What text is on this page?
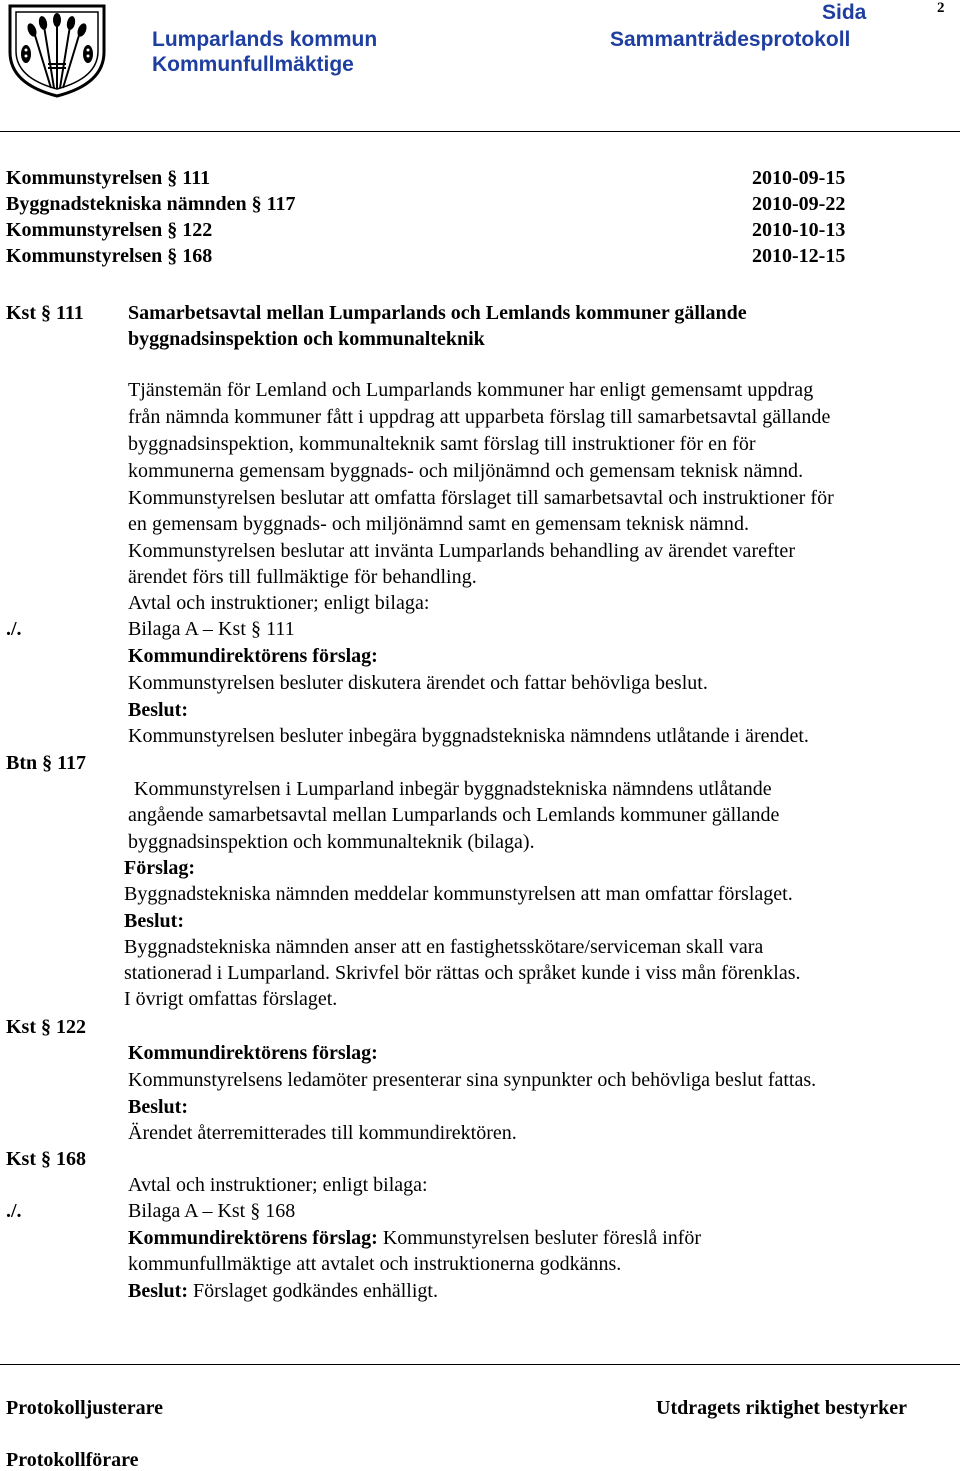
Lumparlands kommun
Kommunfullmäktige
Sammanträdesprotokoll
Sida	2
Kommunstyrelsen § 111	2010-09-15
Byggnadstekniska nämnden § 117	2010-09-22
Kommunstyrelsen § 122	2010-10-13
Kommunstyrelsen § 168	2010-12-15
Kst § 111
./.
Btn § 117
Kst § 122
Kst § 168
./.
Samarbetsavtal mellan Lumparlands och Lemlands kommuner gällande
byggnadsinspektion och kommunalteknik
Tjänstemän för Lemland och Lumparlands kommuner har enligt gemensamt uppdrag
från nämnda kommuner fått i uppdrag att upparbeta förslag till samarbetsavtal gällande
byggnadsinspektion, kommunalteknik samt förslag till instruktioner för en för
kommunerna gemensam byggnads- och miljönämnd och gemensam teknisk nämnd.
Kommunstyrelsen beslutar att omfatta förslaget till samarbetsavtal och instruktioner för
en gemensam byggnads- och miljönämnd samt en gemensam teknisk nämnd.
Kommunstyrelsen beslutar att invänta Lumparlands behandling av ärendet varefter
ärendet förs till fullmäktige för behandling.
Avtal och instruktioner; enligt bilaga:
Bilaga A – Kst § 111
Kommundirektörens förslag:
Kommunstyrelsen besluter diskutera ärendet och fattar behövliga beslut.
Beslut:
Kommunstyrelsen besluter inbegära byggnadstekniska nämndens utlåtande i ärendet.
Kommunstyrelsen i Lumparland inbegär byggnadstekniska nämndens utlåtande
angående samarbetsavtal mellan Lumparlands och Lemlands kommuner gällande
byggnadsinspektion och kommunalteknik (bilaga).
Förslag:
Byggnadstekniska nämnden meddelar kommunstyrelsen att man omfattar förslaget.
Beslut:
Byggnadstekniska nämnden anser att en fastighetsskötare/serviceman skall vara
stationerad i Lumparland. Skrivfel bör rättas och språket kunde i viss mån förenklas.
I övrigt omfattas förslaget.
Kommundirektörens förslag:
Kommunstyrelsens ledamöter presenterar sina synpunkter och behövliga beslut fattas.
Beslut:
Ärendet återremitterades till kommundirektören.
Avtal och instruktioner; enligt bilaga:
Bilaga A – Kst § 168
Kommundirektörens förslag: Kommunstyrelsen besluter föreslå inför
kommunfullmäktige att avtalet och instruktionerna godkänns.
Beslut: Förslaget godkändes enhälligt.
Protokolljusterare	Utdragets riktighet bestyrker
Protokollförare
